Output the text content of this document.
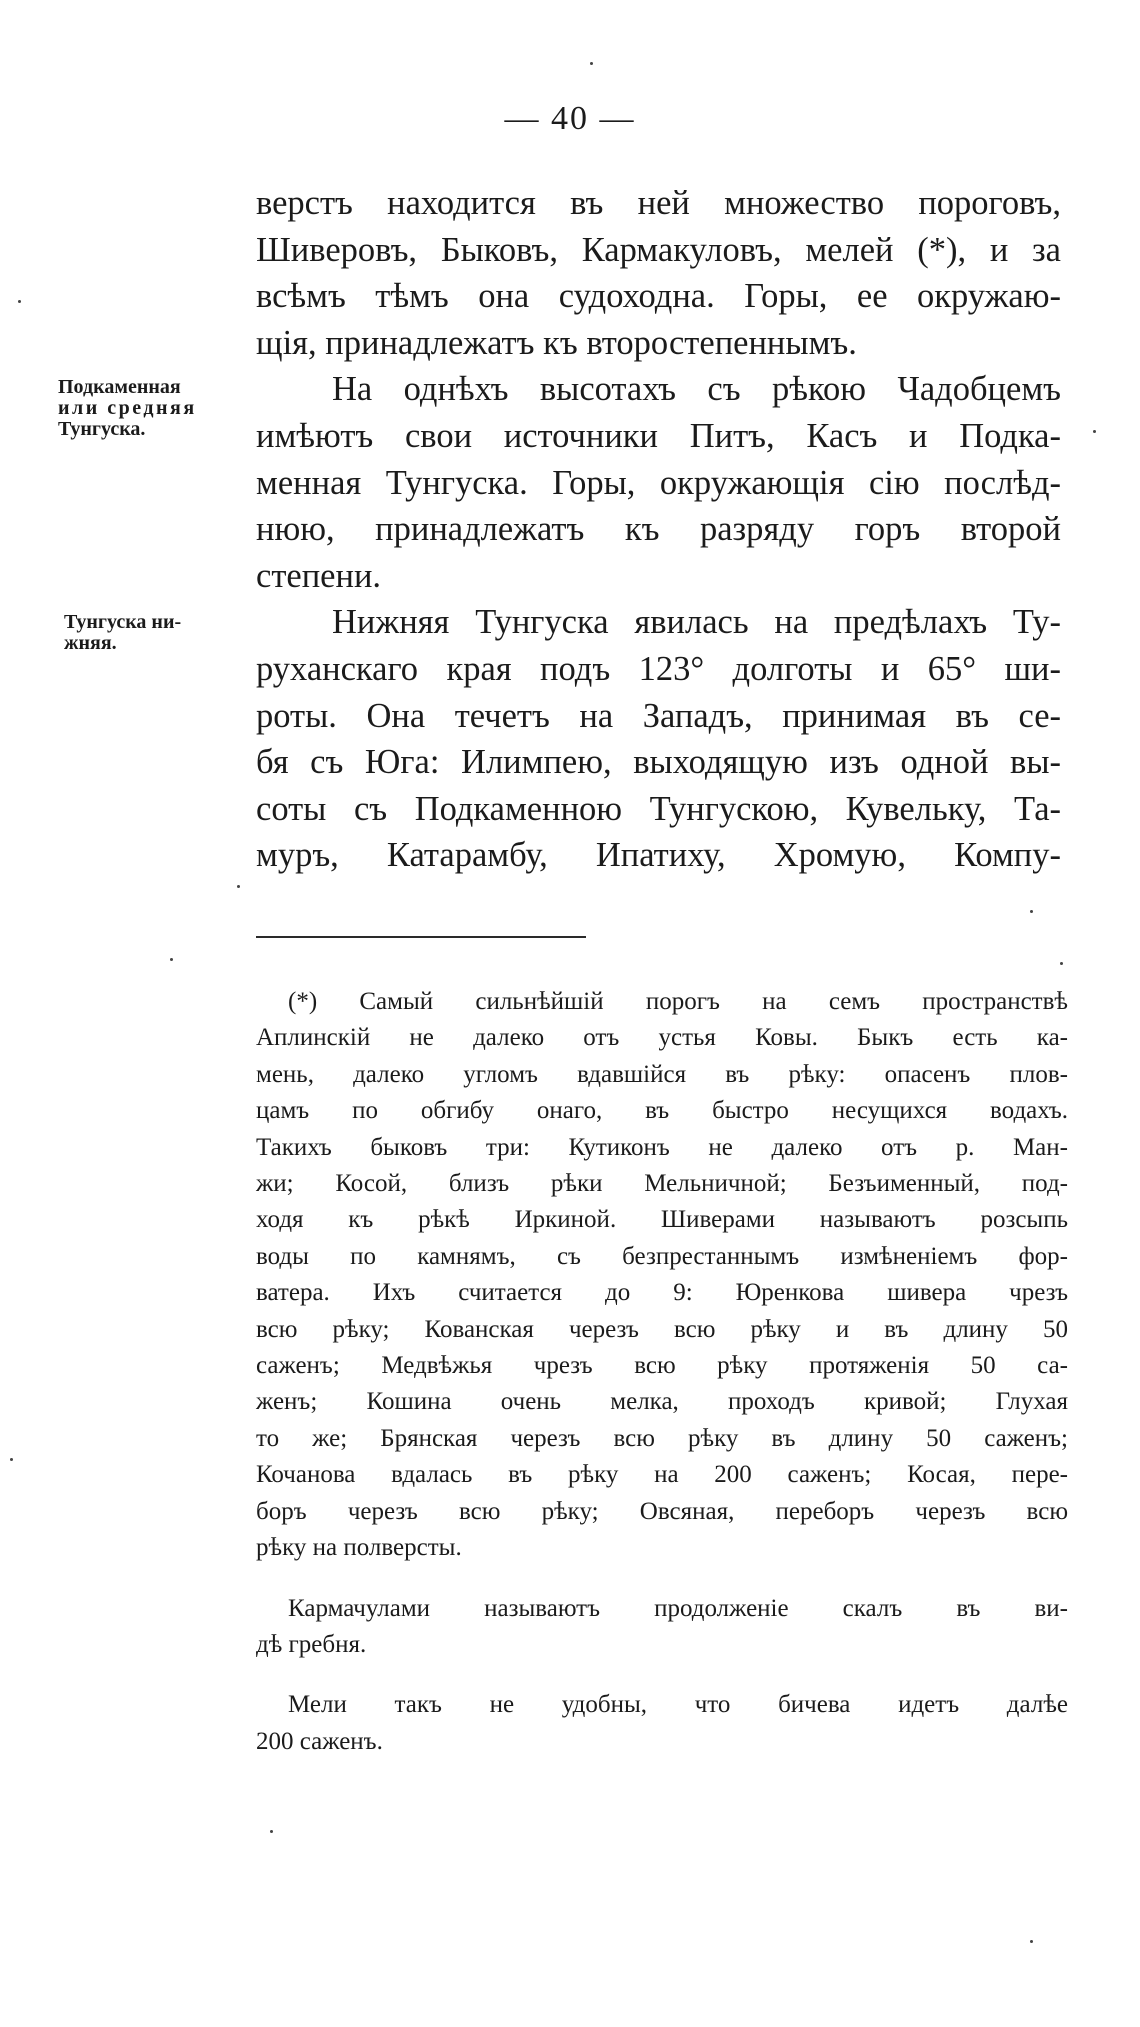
— 40 —
верстъ находится въ ней множество пороговъ,
Шиверовъ, Быковъ, Кармакуловъ, мелей (*), и за
всѣмъ тѣмъ она судоходна. Горы, ее окружаю-
щія, принадлежатъ къ второстепеннымъ.
На однѣхъ высотахъ съ рѣкою Чадобцемъ
имѣютъ свои источники Питъ, Касъ и Подка-
менная Тунгуска. Горы, окружающія сію послѣд-
нюю, принадлежатъ къ разряду горъ второй
степени.
Нижняя Тунгуска явилась на предѣлахъ Ту-
руханскаго края подъ 123° долготы и 65° ши-
роты. Она течетъ на Западъ, принимая въ се-
бя съ Юга: Илимпею, выходящую изъ одной вы-
соты съ Подкаменною Тунгускою, Кувельку, Та-
муръ, Катарамбу, Ипатиху, Хромую, Компу-
Подкаменная
или средняя
Тунгуска.
Тунгуска ни-
жняя.

(*) Самый сильнѣйшій порогъ на семъ пространствѣ
Аплинскій не далеко отъ устья Ковы. Быкъ есть ка-
мень, далеко угломъ вдавшійся въ рѣку: опасенъ плов-
цамъ по обгибу онаго, въ быстро несущихся водахъ.
Такихъ быковъ три: Кутиконъ не далеко отъ р. Ман-
жи; Косой, близъ рѣки Мельничной; Безъименный, под-
ходя къ рѣкѣ Иркиной. Шиверами называютъ розсыпь
воды по камнямъ, съ безпрестаннымъ измѣненіемъ фор-
ватера. Ихъ считается до 9: Юренкова шивера чрезъ
всю рѣку; Кованская черезъ всю рѣку и въ длину 50
саженъ; Медвѣжья чрезъ всю рѣку протяженія 50 са-
женъ; Кошина очень мелка, проходъ кривой; Глухая
то же; Брянская черезъ всю рѣку въ длину 50 саженъ;
Кочанова вдалась въ рѣку на 200 саженъ; Косая, пере-
боръ черезъ всю рѣку; Овсяная, переборъ черезъ всю
рѣку на полверсты.

Кармачулами называютъ продолженіе скалъ въ ви-
дѣ гребня.

Мели такъ не удобны, что бичева идетъ далѣе
200 саженъ.
